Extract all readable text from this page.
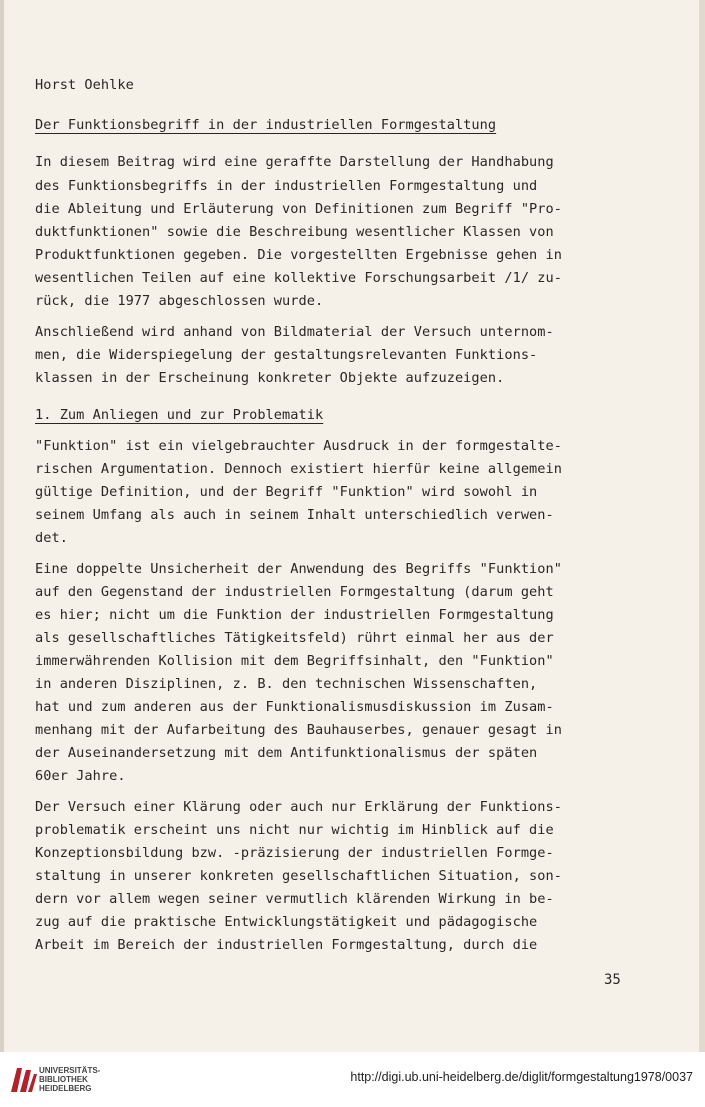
Horst Oehlke
Der Funktionsbegriff in der industriellen Formgestaltung
In diesem Beitrag wird eine geraffte Darstellung der Handhabung
des Funktionsbegriffs in der industriellen Formgestaltung und
die Ableitung und Erläuterung von Definitionen zum Begriff "Pro-
duktfunktionen" sowie die Beschreibung wesentlicher Klassen von
Produktfunktionen gegeben. Die vorgestellten Ergebnisse gehen in
wesentlichen Teilen auf eine kollektive Forschungsarbeit /1/ zu-
rück, die 1977 abgeschlossen wurde.
Anschließend wird anhand von Bildmaterial der Versuch unternom-
men, die Widerspiegelung der gestaltungsrelevanten Funktions-
klassen in der Erscheinung konkreter Objekte aufzuzeigen.
1. Zum Anliegen und zur Problematik
"Funktion" ist ein vielgebrauchter Ausdruck in der formgestalte-
rischen Argumentation. Dennoch existiert hierfür keine allgemein
gültige Definition, und der Begriff "Funktion" wird sowohl in
seinem Umfang als auch in seinem Inhalt unterschiedlich verwen-
det.
Eine doppelte Unsicherheit der Anwendung des Begriffs "Funktion"
auf den Gegenstand der industriellen Formgestaltung (darum geht
es hier; nicht um die Funktion der industriellen Formgestaltung
als gesellschaftliches Tätigkeitsfeld) rührt einmal her aus der
immerwährenden Kollision mit dem Begriffsinhalt, den "Funktion"
in anderen Disziplinen, z. B. den technischen Wissenschaften,
hat und zum anderen aus der Funktionalismusdiskussion im Zusam-
menhang mit der Aufarbeitung des Bauhauserbes, genauer gesagt in
der Auseinandersetzung mit dem Antifunktionalismus der späten
60er Jahre.
Der Versuch einer Klärung oder auch nur Erklärung der Funktions-
problematik erscheint uns nicht nur wichtig im Hinblick auf die
Konzeptionsbildung bzw. -präzisierung der industriellen Formge-
staltung in unserer konkreten gesellschaftlichen Situation, son-
dern vor allem wegen seiner vermutlich klärenden Wirkung in be-
zug auf die praktische Entwicklungstätigkeit und pädagogische
Arbeit im Bereich der industriellen Formgestaltung, durch die
35
UNIVERSITÄTS-
BIBLIOTHEK
HEIDELBERG
http://digi.ub.uni-heidelberg.de/diglit/formgestaltung1978/0037
